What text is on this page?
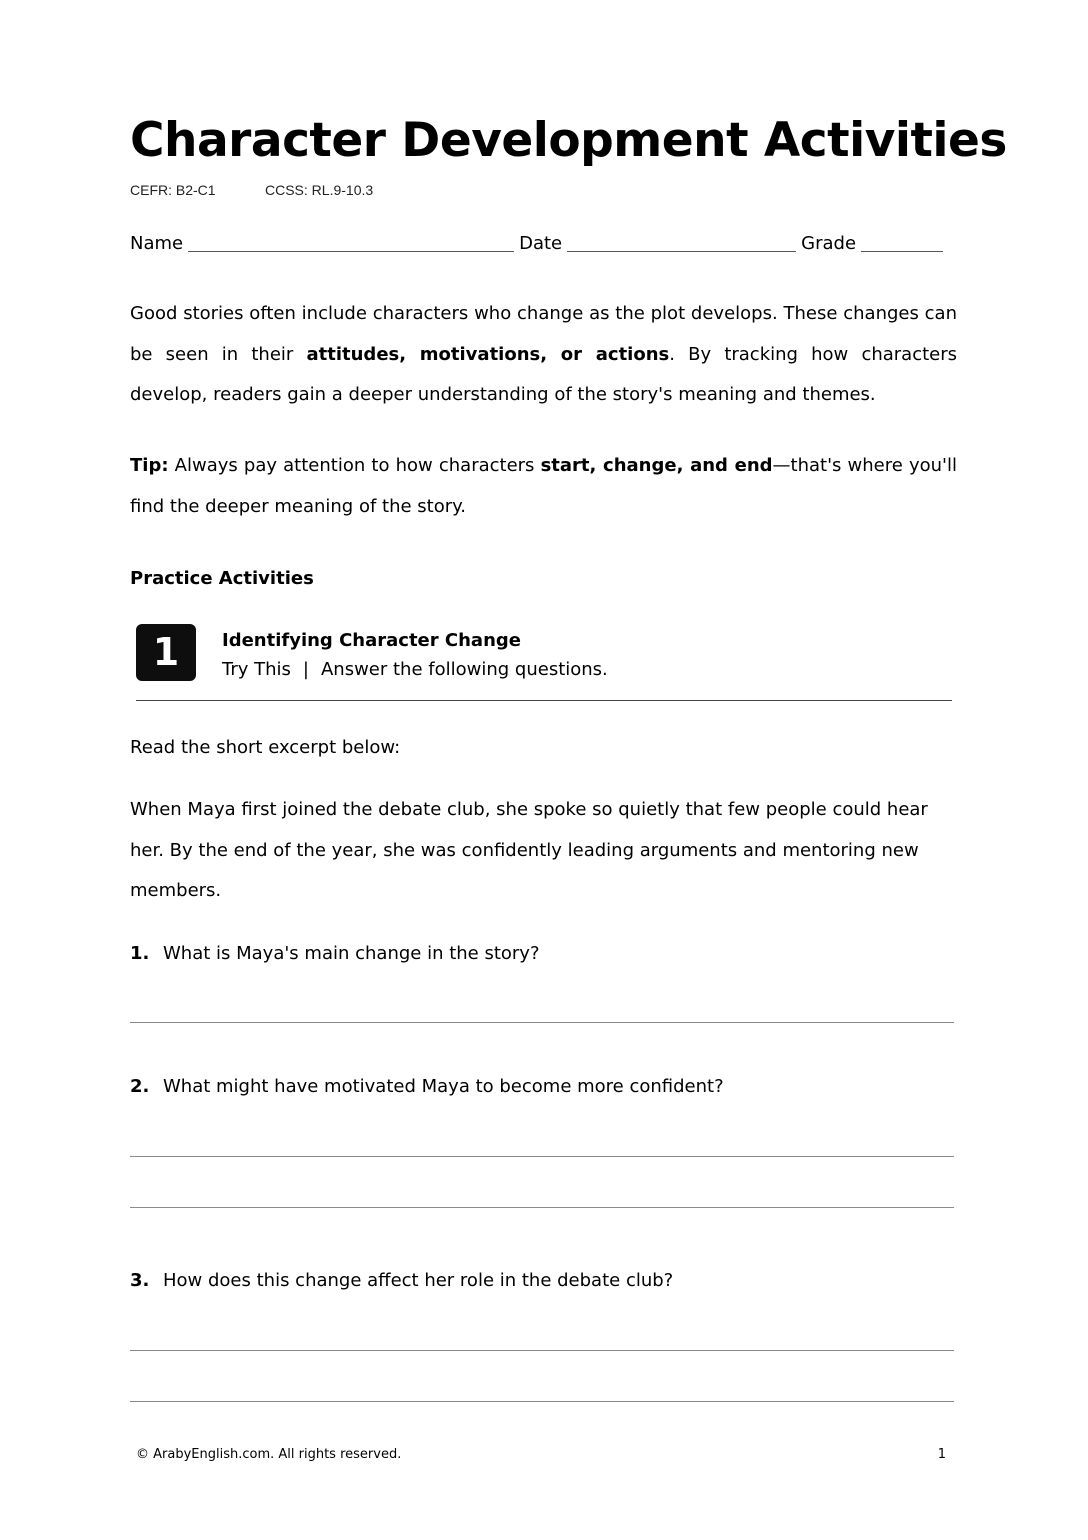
Character Development Activities
CEFR: B2-C1	CCSS: RL.9-10.3
Name	Date	Grade
Good stories often include characters who change as the plot develops. These changes can be seen in their attitudes, motivations, or actions. By tracking how characters develop, readers gain a deeper understanding of the story's meaning and themes.
Tip: Always pay attention to how characters start, change, and end—that's where you'll find the deeper meaning of the story.
Practice Activities
1	Identifying Character Change
Try This | Answer the following questions.
Read the short excerpt below:
When Maya first joined the debate club, she spoke so quietly that few people could hear
her. By the end of the year, she was confidently leading arguments and mentoring new
members.
1. What is Maya's main change in the story?
2. What might have motivated Maya to become more confident?
3. How does this change affect her role in the debate club?
© ArabyEnglish.com. All rights reserved.	1
